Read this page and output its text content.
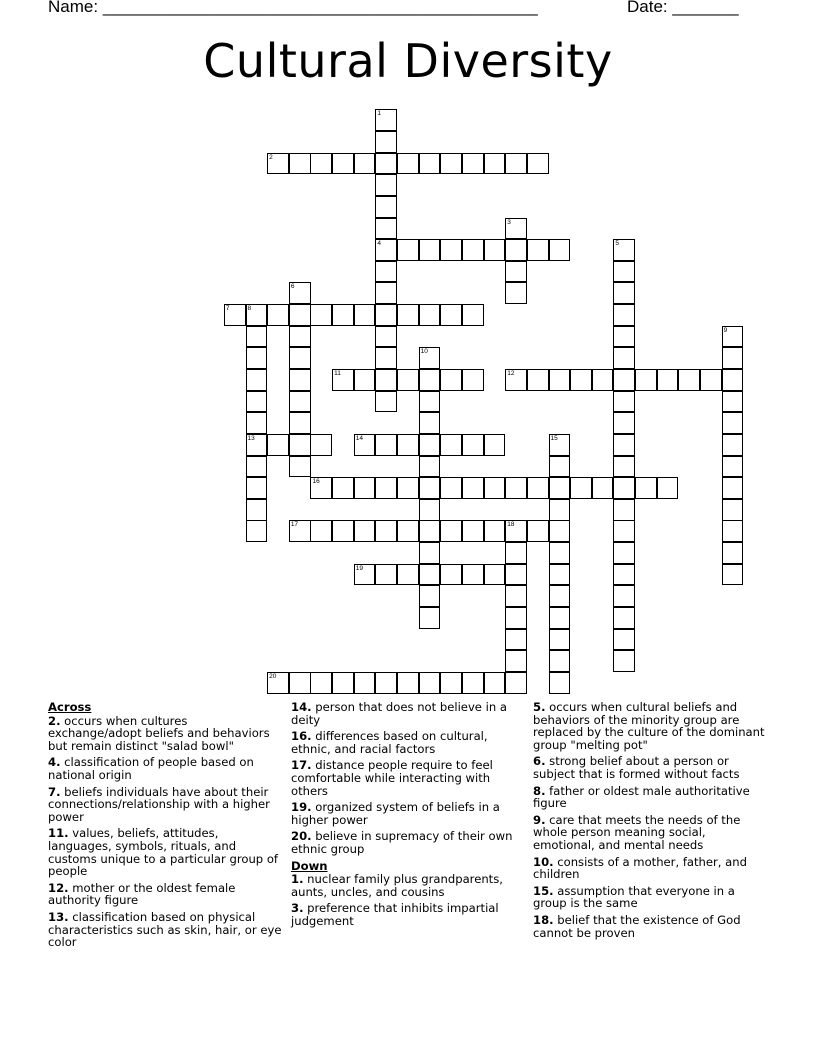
Name: ______________________________________________	Date: _______
Cultural Diversity
1
4
2
3
5
6
7	8
13
9
10
11	12
14	15
16
17	18
19
20
Across
2. occurs when cultures exchange/adopt beliefs and behaviors but remain distinct "salad bowl"
4. classification of people based on national origin
7. beliefs individuals have about their connections/relationship with a higher power
11. values, beliefs, attitudes, languages, symbols, rituals, and customs unique to a particular group of people
12. mother or the oldest female authority figure
13. classification based on physical characteristics such as skin, hair, or eye color
14. person that does not believe in a deity
16. differences based on cultural, ethnic, and racial factors
17. distance people require to feel comfortable while interacting with others
19. organized system of beliefs in a higher power
20. believe in supremacy of their own ethnic group
Down
1. nuclear family plus grandparents, aunts, uncles, and cousins
3. preference that inhibits impartial judgement
5. occurs when cultural beliefs and behaviors of the minority group are replaced by the culture of the dominant group "melting pot"
6. strong belief about a person or subject that is formed without facts
8. father or oldest male authoritative figure
9. care that meets the needs of the whole person meaning social, emotional, and mental needs
10. consists of a mother, father, and children
15. assumption that everyone in a group is the same
18. belief that the existence of God cannot be proven
